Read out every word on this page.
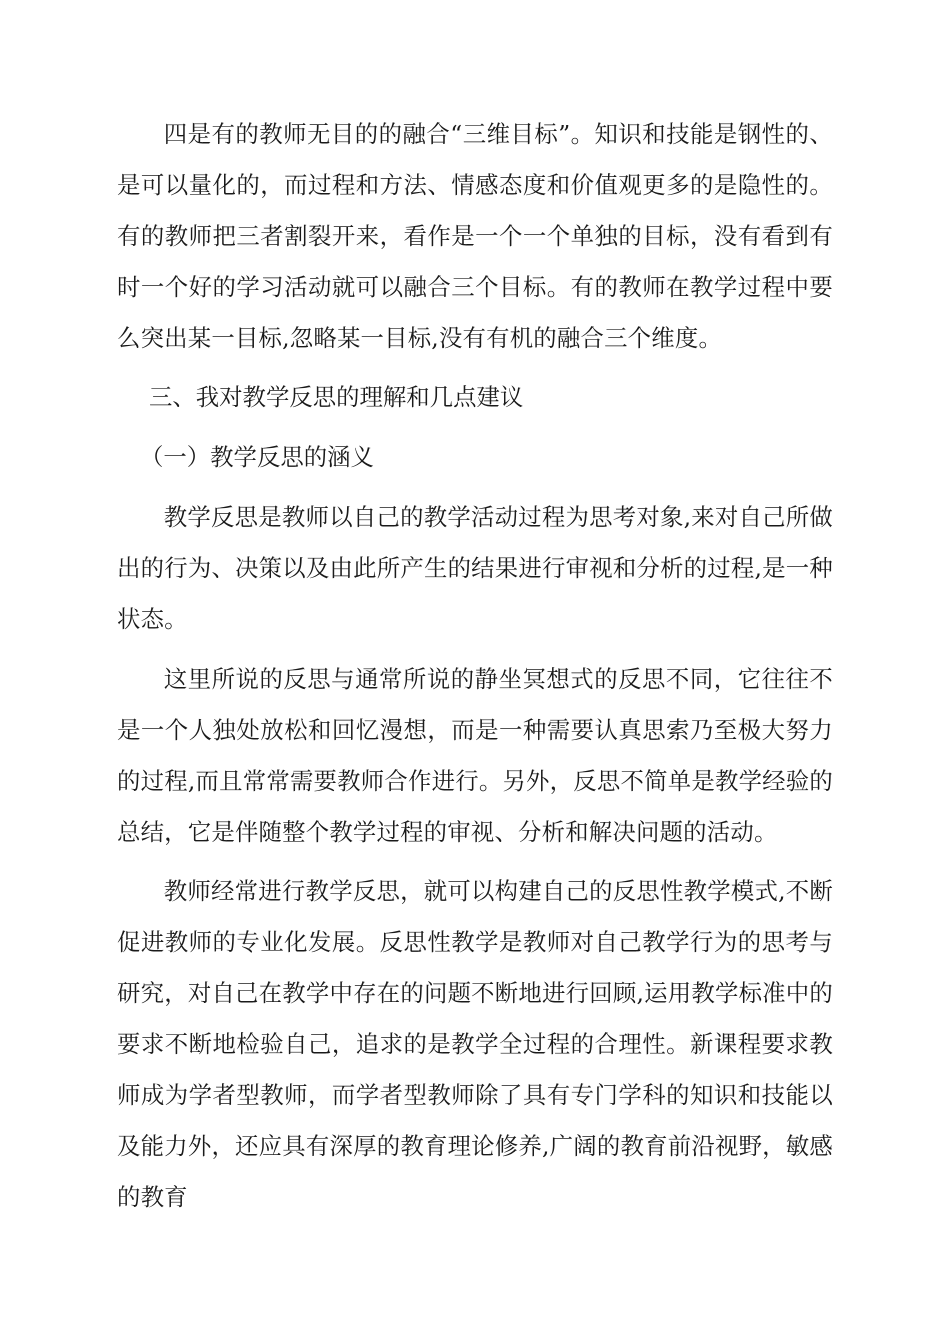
四是有的教师无目的的融合“三维目标”。知识和技能是钢性的、是可以量化的，而过程和方法、情感态度和价值观更多的是隐性的。有的教师把三者割裂开来，看作是一个一个单独的目标，没有看到有时一个好的学习活动就可以融合三个目标。有的教师在教学过程中要么突出某一目标,忽略某一目标,没有有机的融合三个维度。

三、我对教学反思的理解和几点建议
（一）教学反思的涵义

教学反思是教师以自己的教学活动过程为思考对象,来对自己所做出的行为、决策以及由此所产生的结果进行审视和分析的过程,是一种状态。

这里所说的反思与通常所说的静坐冥想式的反思不同，它往往不是一个人独处放松和回忆漫想，而是一种需要认真思索乃至极大努力的过程,而且常常需要教师合作进行。另外，反思不简单是教学经验的总结，它是伴随整个教学过程的审视、分析和解决问题的活动。

教师经常进行教学反思，就可以构建自己的反思性教学模式,不断促进教师的专业化发展。反思性教学是教师对自己教学行为的思考与研究，对自己在教学中存在的问题不断地进行回顾,运用教学标准中的要求不断地检验自己，追求的是教学全过程的合理性。新课程要求教师成为学者型教师，而学者型教师除了具有专门学科的知识和技能以及能力外，还应具有深厚的教育理论修养,广阔的教育前沿视野，敏感的教育
